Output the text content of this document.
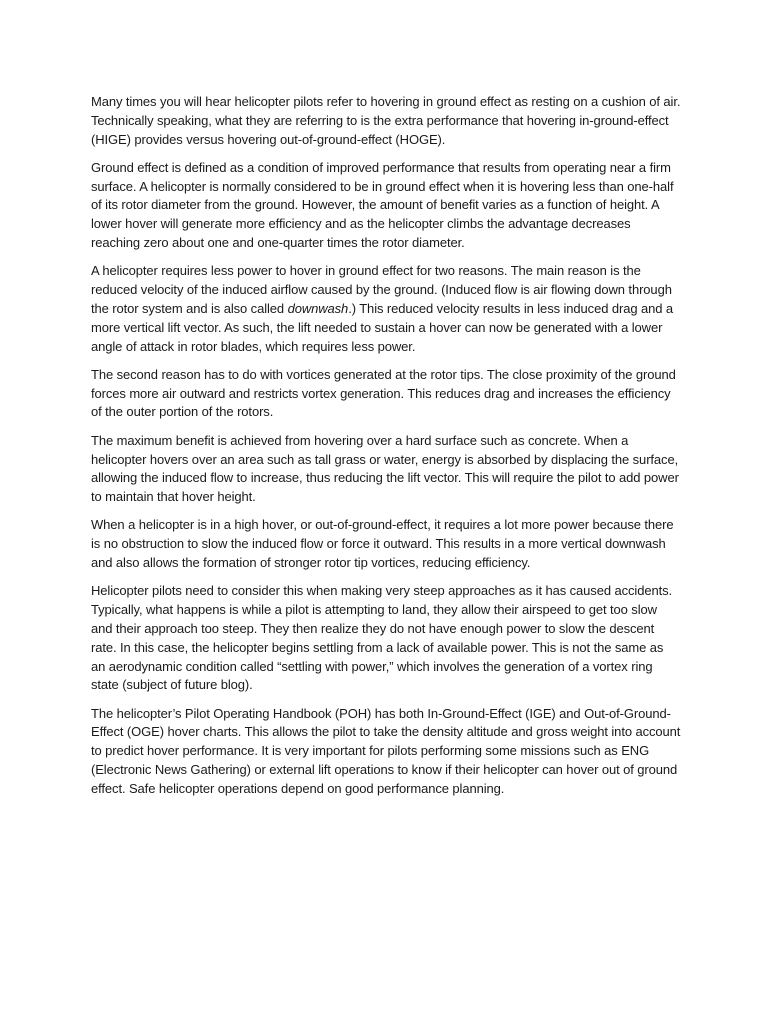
Many times you will hear helicopter pilots refer to hovering in ground effect as resting on a cushion of air. Technically speaking, what they are referring to is the extra performance that hovering in-ground-effect (HIGE) provides versus hovering out-of-ground-effect (HOGE).

Ground effect is defined as a condition of improved performance that results from operating near a firm surface. A helicopter is normally considered to be in ground effect when it is hovering less than one-half of its rotor diameter from the ground. However, the amount of benefit varies as a function of height. A lower hover will generate more efficiency and as the helicopter climbs the advantage decreases reaching zero about one and one-quarter times the rotor diameter.

A helicopter requires less power to hover in ground effect for two reasons. The main reason is the reduced velocity of the induced airflow caused by the ground. (Induced flow is air flowing down through the rotor system and is also called downwash.) This reduced velocity results in less induced drag and a more vertical lift vector. As such, the lift needed to sustain a hover can now be generated with a lower angle of attack in rotor blades, which requires less power.

The second reason has to do with vortices generated at the rotor tips. The close proximity of the ground forces more air outward and restricts vortex generation. This reduces drag and increases the efficiency of the outer portion of the rotors.

The maximum benefit is achieved from hovering over a hard surface such as concrete. When a helicopter hovers over an area such as tall grass or water, energy is absorbed by displacing the surface, allowing the induced flow to increase, thus reducing the lift vector. This will require the pilot to add power to maintain that hover height.

When a helicopter is in a high hover, or out-of-ground-effect, it requires a lot more power because there is no obstruction to slow the induced flow or force it outward. This results in a more vertical downwash and also allows the formation of stronger rotor tip vortices, reducing efficiency.

Helicopter pilots need to consider this when making very steep approaches as it has caused accidents. Typically, what happens is while a pilot is attempting to land, they allow their airspeed to get too slow and their approach too steep. They then realize they do not have enough power to slow the descent rate. In this case, the helicopter begins settling from a lack of available power. This is not the same as an aerodynamic condition called “settling with power,” which involves the generation of a vortex ring state (subject of future blog).

The helicopter’s Pilot Operating Handbook (POH) has both In-Ground-Effect (IGE) and Out-of-Ground-Effect (OGE) hover charts. This allows the pilot to take the density altitude and gross weight into account to predict hover performance. It is very important for pilots performing some missions such as ENG (Electronic News Gathering) or external lift operations to know if their helicopter can hover out of ground effect. Safe helicopter operations depend on good performance planning.
